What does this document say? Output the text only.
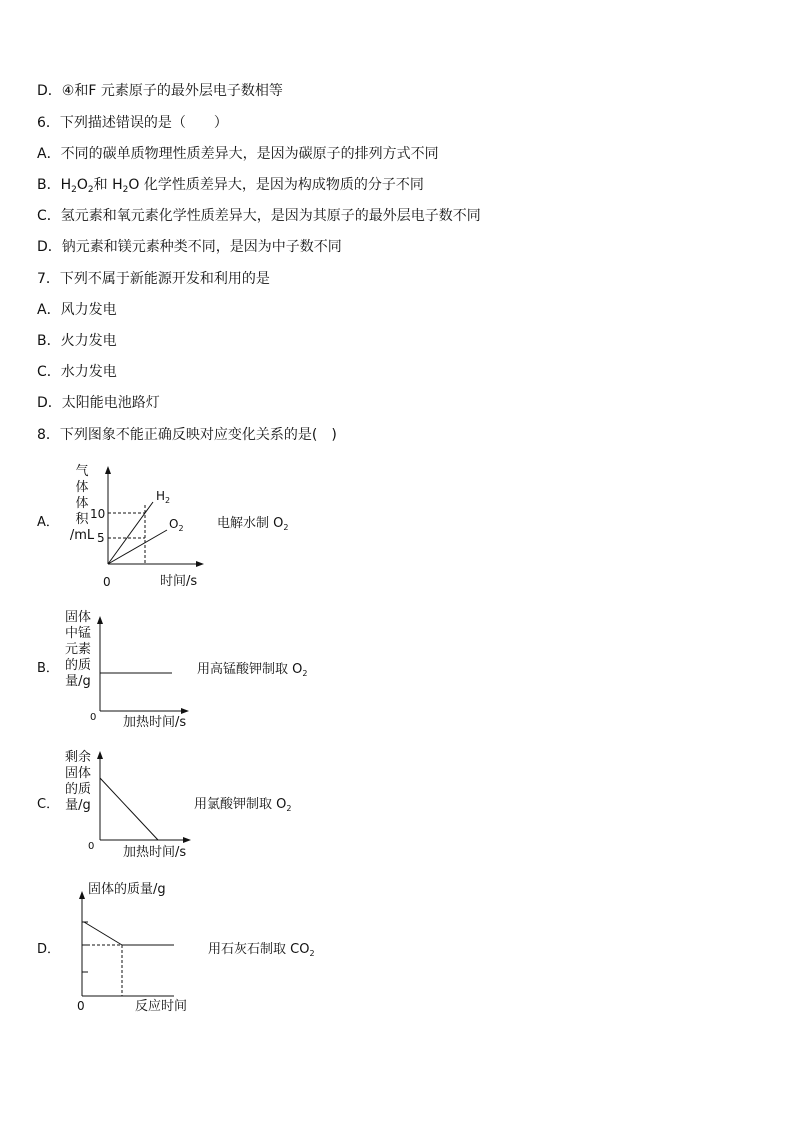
D．④和F 元素原子的最外层电子数相等
6．下列描述错误的是（　　）
A．不同的碳单质物理性质差异大，是因为碳原子的排列方式不同
B．$H_2O_2$和 $H_2O$ 化学性质差异大，是因为构成物质的分子不同
C．氢元素和氧元素化学性质差异大，是因为其原子的最外层电子数不同
D．钠元素和镁元素种类不同，是因为中子数不同
7．下列不属于新能源开发和利用的是
A．风力发电
B．火力发电
C．水力发电
D．太阳能电池路灯
8．下列图象不能正确反映对应变化关系的是(　)
A．
气
体
体
积
/mL
10
5
0	时间/s
$H_2$
$O_2$	电解水制 $O_2$
B．
固体
中锰
元素
的质
量/g
0 加热时间/s
用高锰酸钾制取 $O_2$
C．
剩余
固体
的质
量/g
0 加热时间/s
用氯酸钾制取 $O_2$
D．
固体的质量/g
0	反应时间
用石灰石制取 $CO_2$
